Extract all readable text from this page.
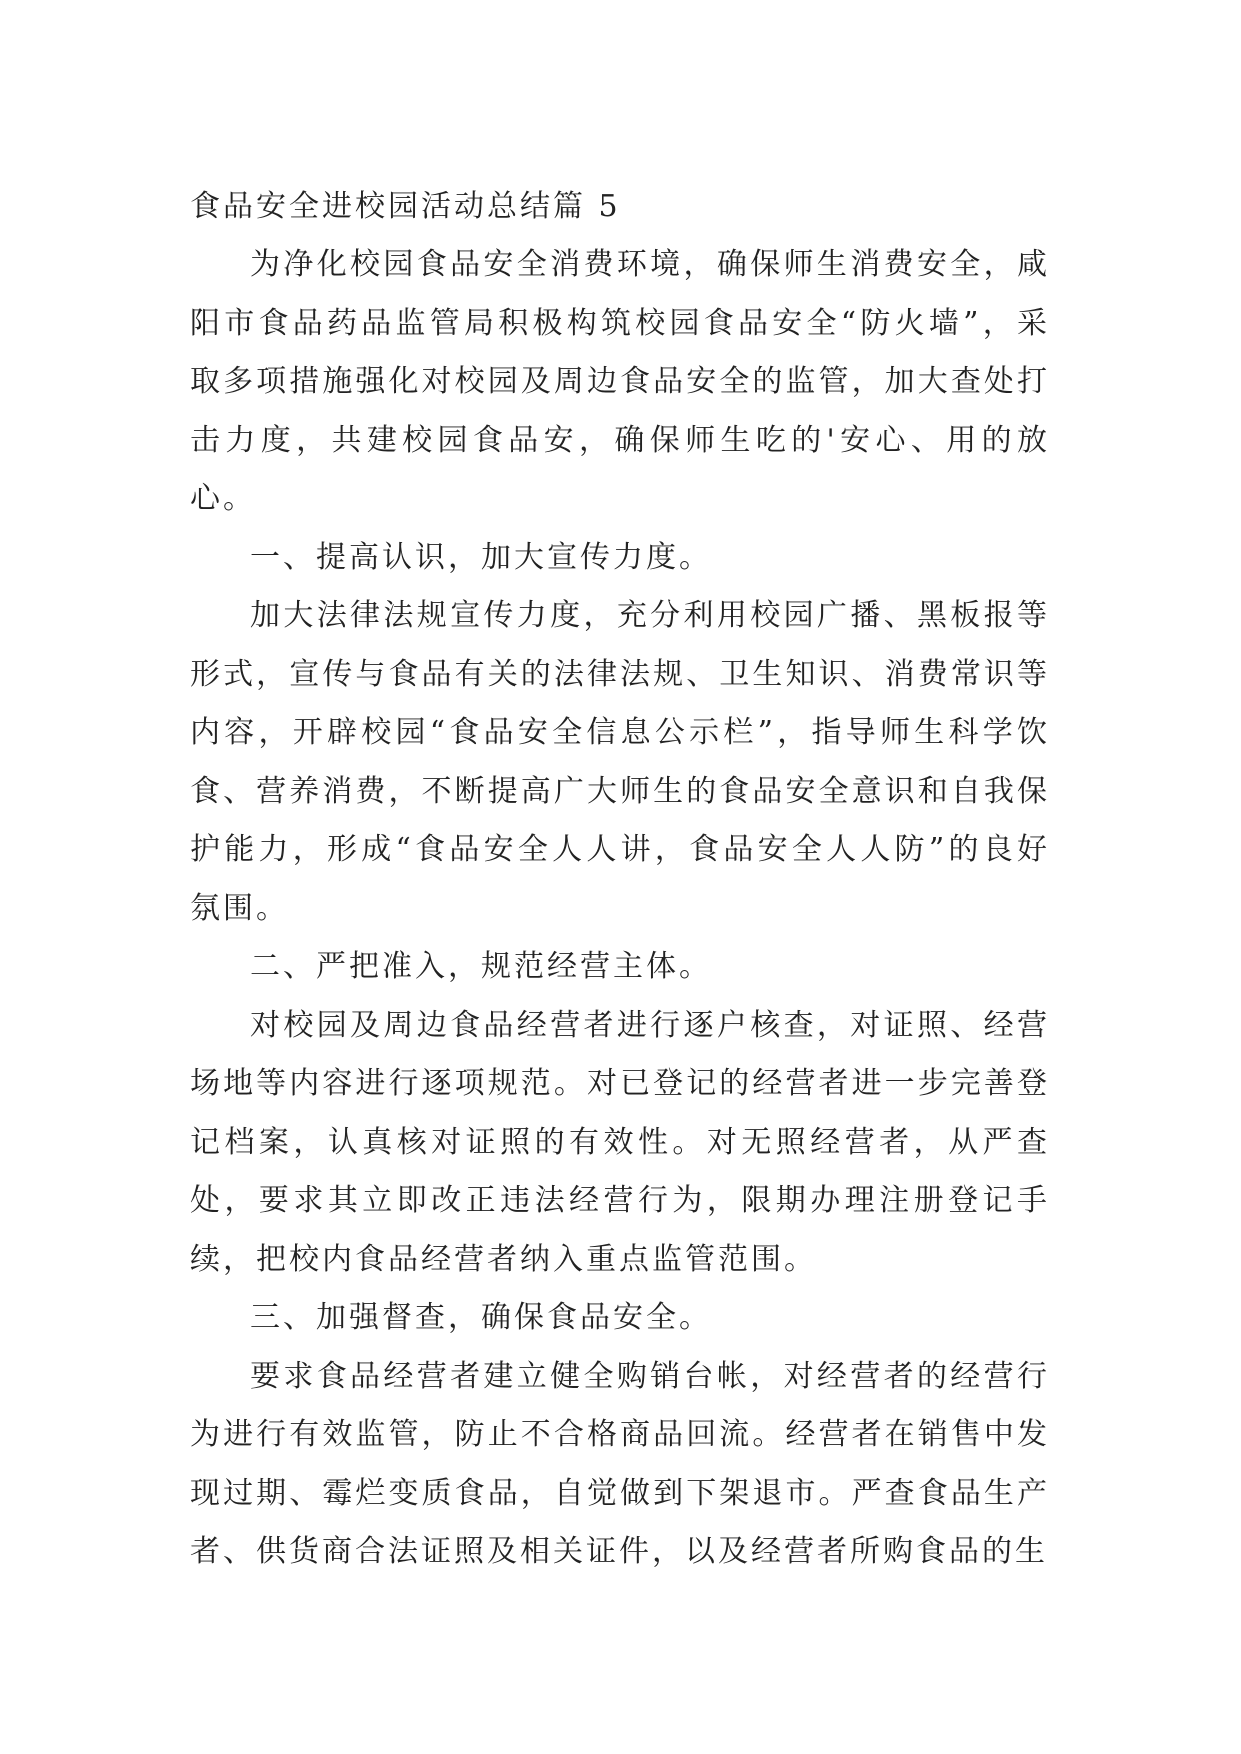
食品安全进校园活动总结篇 5

为净化校园食品安全消费环境，确保师生消费安全，咸阳市食品药品监管局积极构筑校园食品安全“防火墙”，采取多项措施强化对校园及周边食品安全的监管，加大查处打击力度，共建校园食品安，确保师生吃的'安心、用的放心。

一、提高认识，加大宣传力度。

加大法律法规宣传力度，充分利用校园广播、黑板报等形式，宣传与食品有关的法律法规、卫生知识、消费常识等内容，开辟校园“食品安全信息公示栏”，指导师生科学饮食、营养消费，不断提高广大师生的食品安全意识和自我保护能力，形成“食品安全人人讲，食品安全人人防”的良好氛围。

二、严把准入，规范经营主体。

对校园及周边食品经营者进行逐户核查，对证照、经营场地等内容进行逐项规范。对已登记的经营者进一步完善登记档案，认真核对证照的有效性。对无照经营者，从严查处，要求其立即改正违法经营行为，限期办理注册登记手续，把校内食品经营者纳入重点监管范围。

三、加强督查，确保食品安全。

要求食品经营者建立健全购销台帐，对经营者的经营行为进行有效监管，防止不合格商品回流。经营者在销售中发现过期、霉烂变质食品，自觉做到下架退市。严查食品生产者、供货商合法证照及相关证件，以及经营者所购食品的生
